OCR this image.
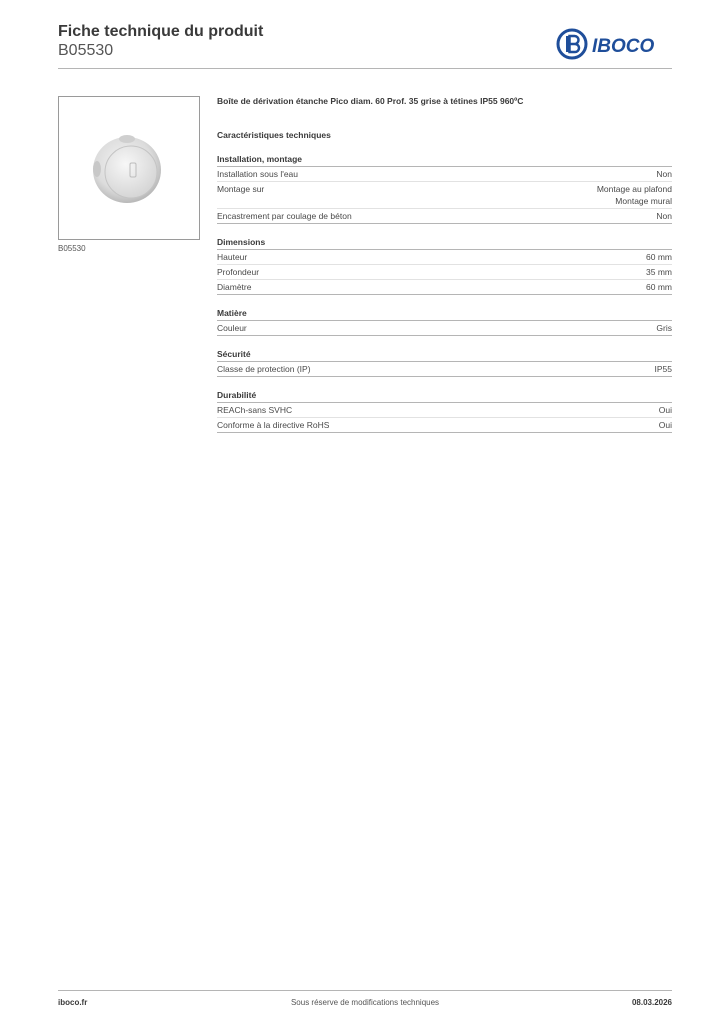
Fiche technique du produit
B05530	IBOCO
B05530
Boîte de dérivation étanche Pico diam. 60 Prof. 35 grise à tétines IP55 960ºC
Caractéristiques techniques
Installation, montage
Installation sous l'eau	Non
Montage sur	Montage au plafond
Montage mural
Encastrement par coulage de béton	Non
Dimensions
Hauteur	60 mm
Profondeur	35 mm
Diamètre	60 mm
Matière
Couleur	Gris
Sécurité
Classe de protection (IP)	IP55
Durabilité
REACh-sans SVHC	Oui
Conforme à la directive RoHS	Oui
iboco.fr	Sous réserve de modifications techniques	08.03.2026
